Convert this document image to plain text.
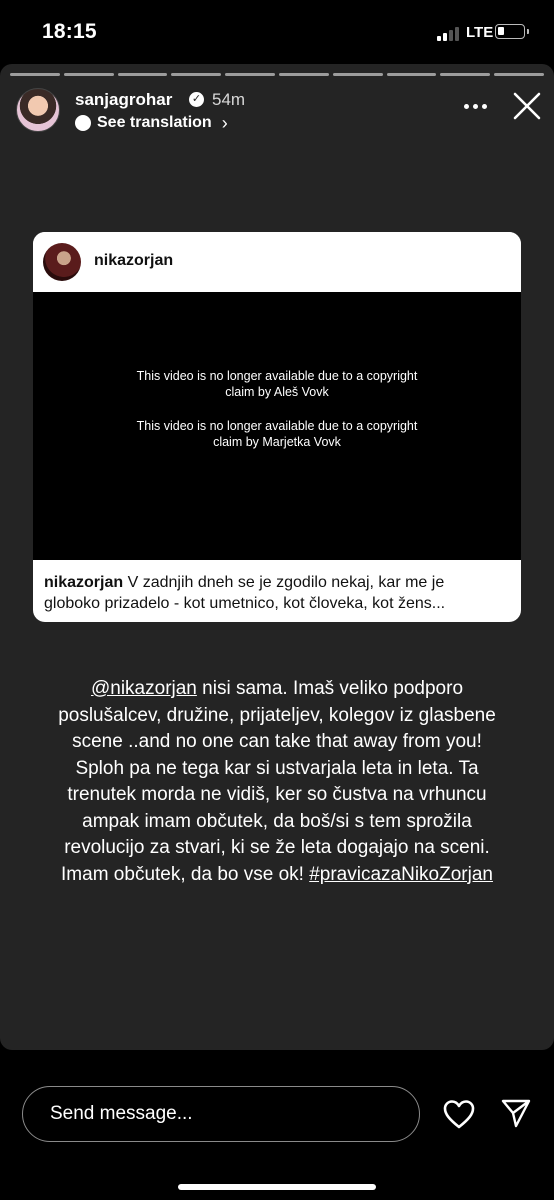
18:15	LTE
sanjagrohar ✓ 54m
See translation ›
nikazorjan
This video is no longer available due to a copyright
claim by Aleš Vovk
This video is no longer available due to a copyright
claim by Marjetka Vovk
nikazorjan V zadnjih dneh se je zgodilo nekaj, kar me je
globoko prizadelo - kot umetnico, kot človeka, kot žens...
@nikazorjan nisi sama. Imaš veliko podporo
poslušalcev, družine, prijateljev, kolegov iz glasbene
scene ..and no one can take that away from you!
Sploh pa ne tega kar si ustvarjala leta in leta. Ta
trenutek morda ne vidiš, ker so čustva na vrhuncu
ampak imam občutek, da boš/si s tem sprožila
revolucijo za stvari, ki se že leta dogajajo na sceni.
Imam občutek, da bo vse ok! #pravicazaNikoZorjan
Send message...
